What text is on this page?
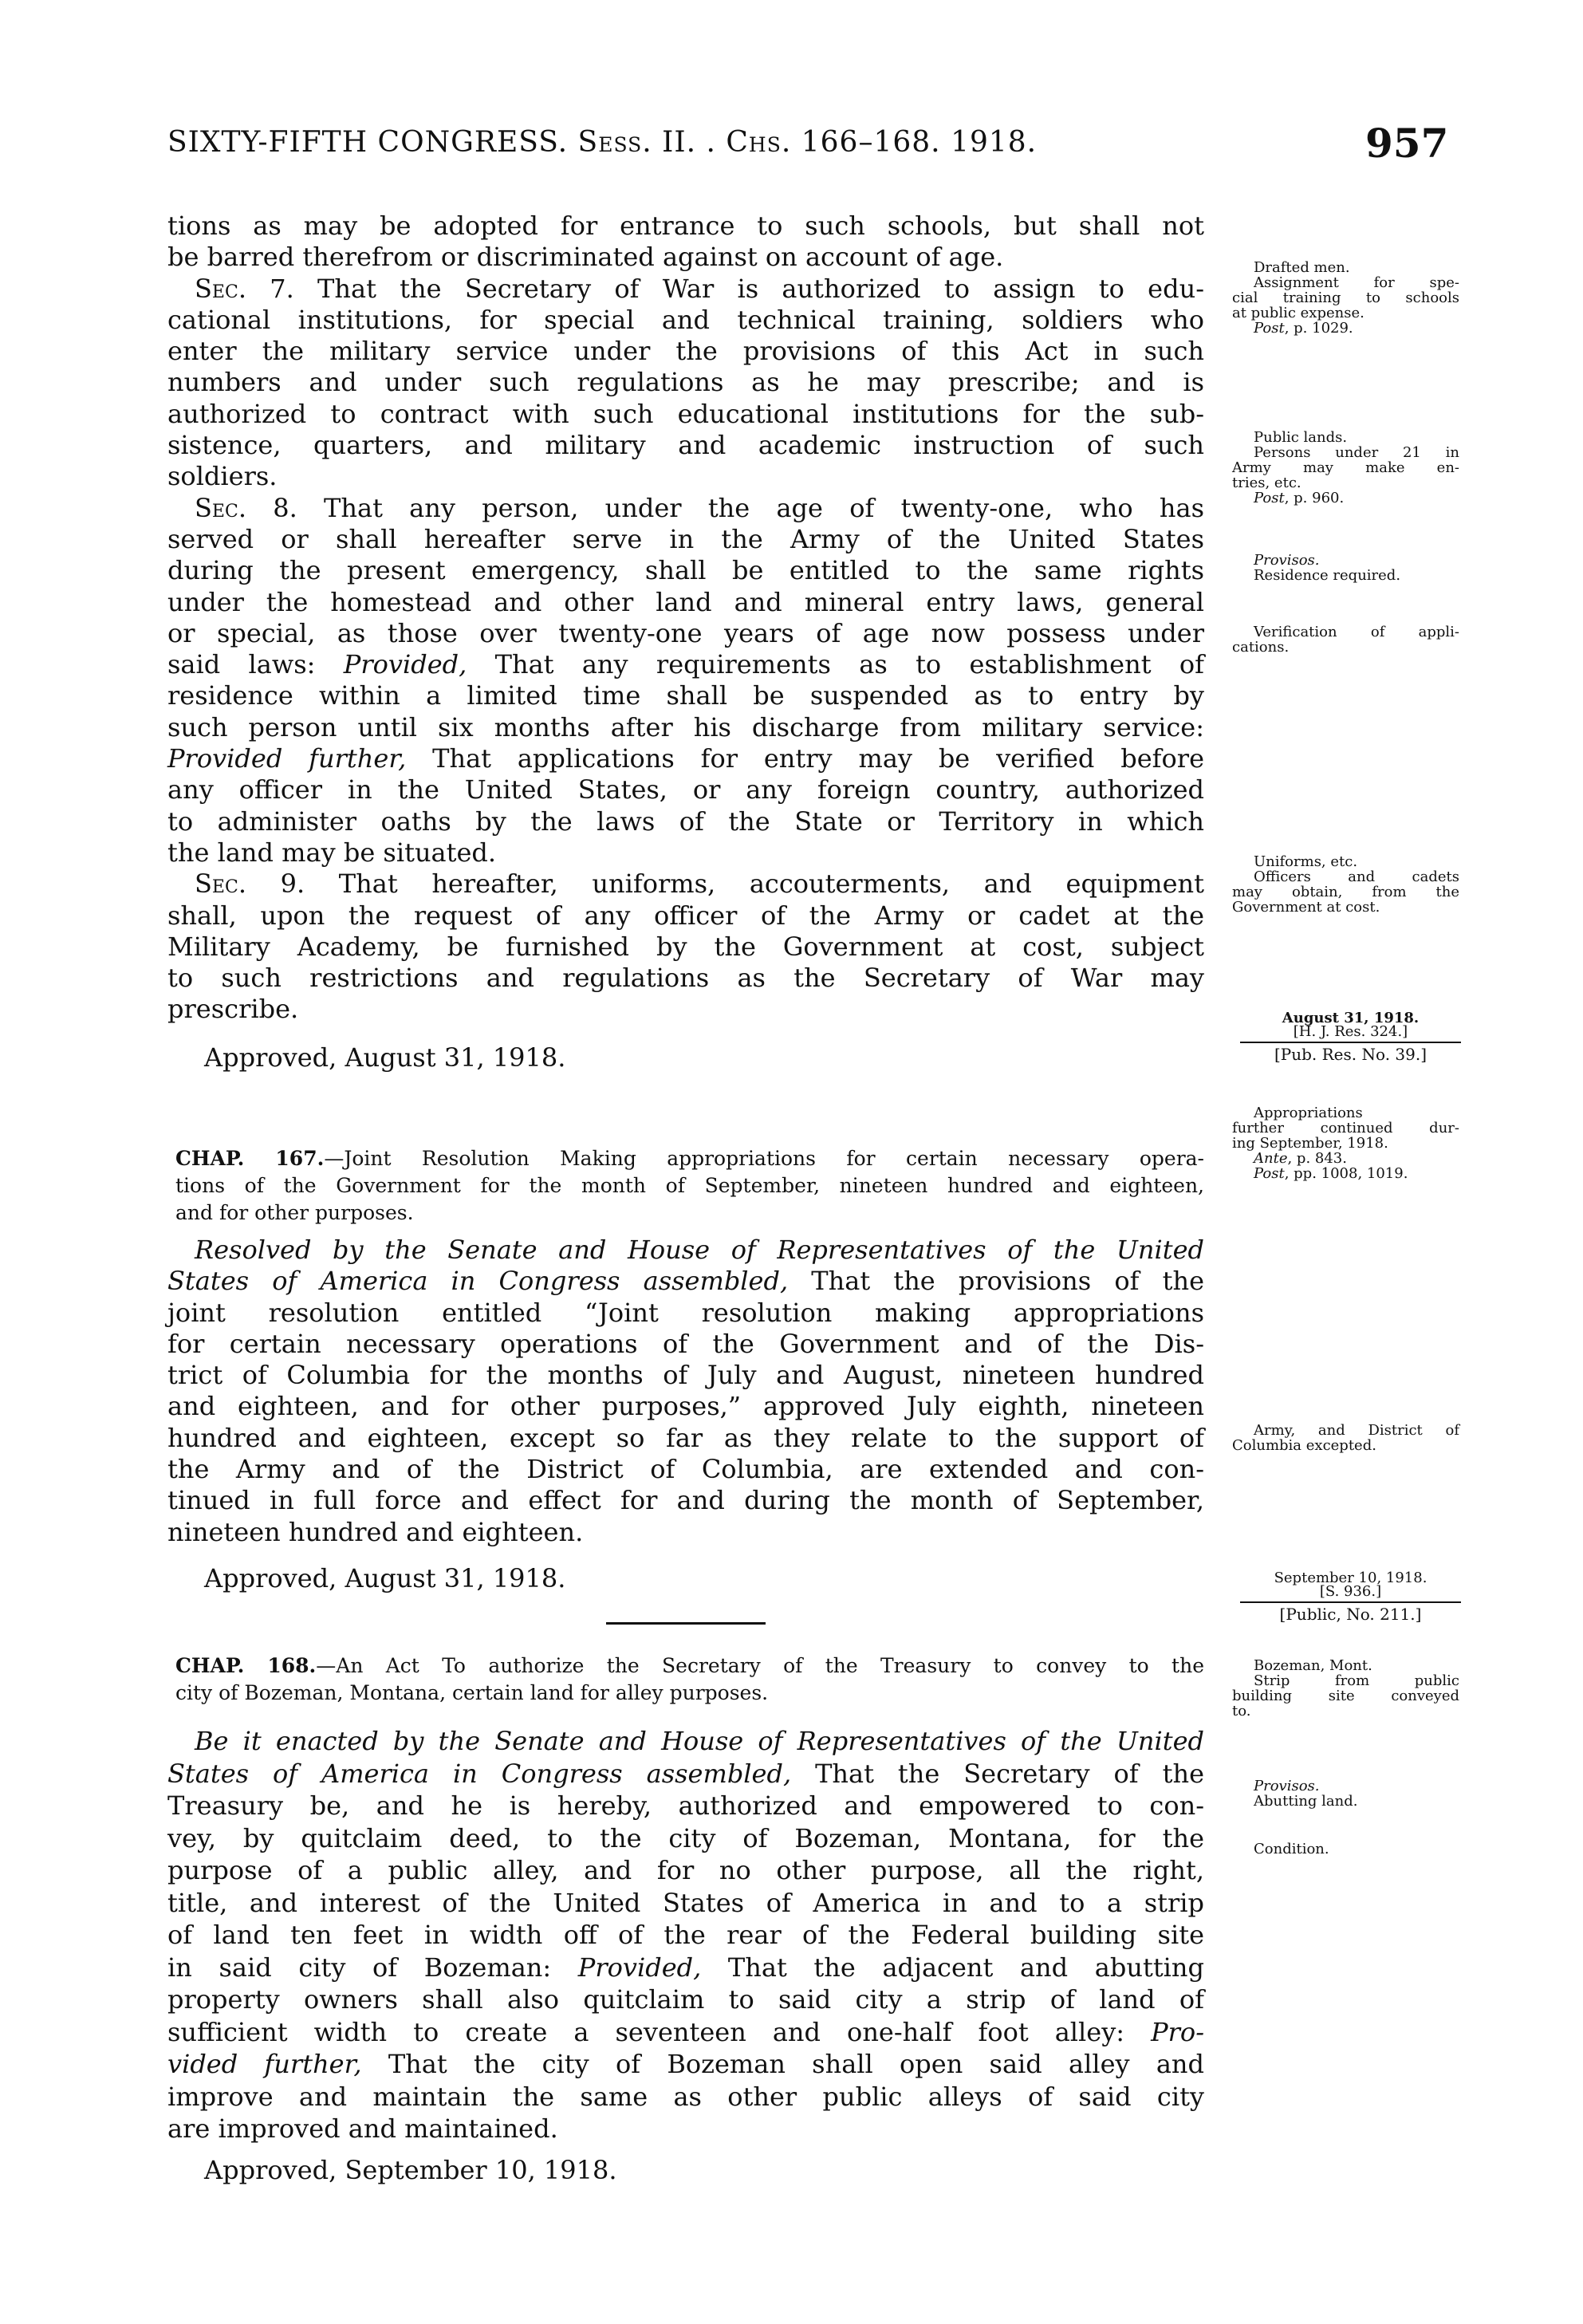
SIXTY-FIFTH CONGRESS. Sess. II. . Chs. 166–168. 1918.	957
tions as may be adopted for entrance to such schools, but shall not
be barred therefrom or discriminated against on account of age.
Sec. 7. That the Secretary of War is authorized to assign to edu-
cational institutions, for special and technical training, soldiers who
enter the military service under the provisions of this Act in such
numbers and under such regulations as he may prescribe; and is
authorized to contract with such educational institutions for the sub-
sistence, quarters, and military and academic instruction of such
soldiers.
Sec. 8. That any person, under the age of twenty-one, who has
served or shall hereafter serve in the Army of the United States
during the present emergency, shall be entitled to the same rights
under the homestead and other land and mineral entry laws, general
or special, as those over twenty-one years of age now possess under
said laws: Provided, That any requirements as to establishment of
residence within a limited time shall be suspended as to entry by
such person until six months after his discharge from military service:
Provided further, That applications for entry may be verified before
any officer in the United States, or any foreign country, authorized
to administer oaths by the laws of the State or Territory in which
the land may be situated.
Sec. 9. That hereafter, uniforms, accouterments, and equipment
shall, upon the request of any officer of the Army or cadet at the
Military Academy, be furnished by the Government at cost, subject
to such restrictions and regulations as the Secretary of War may
prescribe.
Approved, August 31, 1918.
CHAP. 167.—Joint Resolution Making appropriations for certain necessary opera-
tions of the Government for the month of September, nineteen hundred and eighteen,
and for other purposes.
Resolved by the Senate and House of Representatives of the United
States of America in Congress assembled, That the provisions of the
joint resolution entitled “Joint resolution making appropriations
for certain necessary operations of the Government and of the Dis-
trict of Columbia for the months of July and August, nineteen hundred
and eighteen, and for other purposes,” approved July eighth, nineteen
hundred and eighteen, except so far as they relate to the support of
the Army and of the District of Columbia, are extended and con-
tinued in full force and effect for and during the month of September,
nineteen hundred and eighteen.
Approved, August 31, 1918.
CHAP. 168.—An Act To authorize the Secretary of the Treasury to convey to the
city of Bozeman, Montana, certain land for alley purposes.
Be it enacted by the Senate and House of Representatives of the United
States of America in Congress assembled, That the Secretary of the
Treasury be, and he is hereby, authorized and empowered to con-
vey, by quitclaim deed, to the city of Bozeman, Montana, for the
purpose of a public alley, and for no other purpose, all the right,
title, and interest of the United States of America in and to a strip
of land ten feet in width off of the rear of the Federal building site
in said city of Bozeman: Provided, That the adjacent and abutting
property owners shall also quitclaim to said city a strip of land of
sufficient width to create a seventeen and one-half foot alley: Pro-
vided further, That the city of Bozeman shall open said alley and
improve and maintain the same as other public alleys of said city
are improved and maintained.
Approved, September 10, 1918.
Drafted men.
Assignment for spe-
cial training to schools
at public expense.
Post, p. 1029.
Public lands.
Persons under 21 in
Army may make en-
tries, etc.
Post, p. 960.
Provisos.
Residence required.
Verification of appli-
cations.
Uniforms, etc.
Officers and cadets
may obtain, from the
Government at cost.
Appropriations
further continued dur-
ing September, 1918.
Ante, p. 843.
Post, pp. 1008, 1019.
Army, and District of
Columbia excepted.
Bozeman, Mont.
Strip from public
building site conveyed
to.
Provisos.
Abutting land.
Condition.
August 31, 1918.
[H. J. Res. 324.]
[Pub. Res. No. 39.]
September 10, 1918.
[S. 936.]
[Public, No. 211.]
